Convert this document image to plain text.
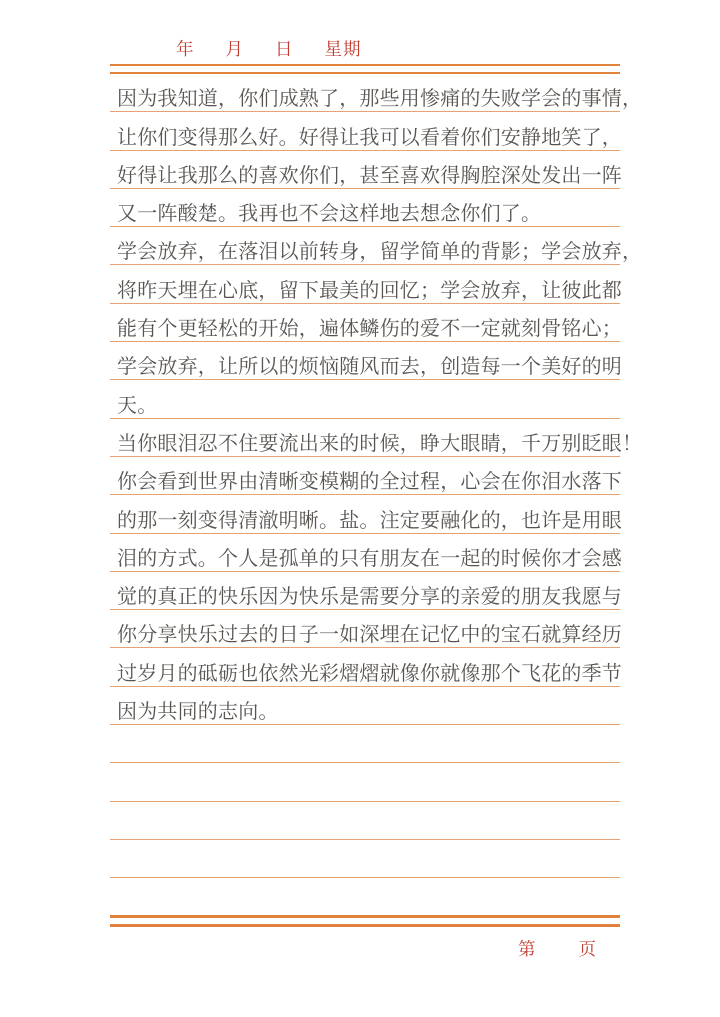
年 月 日 星期
因为我知道，你们成熟了，那些用惨痛的失败学会的事情，
让你们变得那么好。好得让我可以看着你们安静地笑了，
好得让我那么的喜欢你们，甚至喜欢得胸腔深处发出一阵
又一阵酸楚。我再也不会这样地去想念你们了。
学会放弃，在落泪以前转身，留学简单的背影；学会放弃，
将昨天埋在心底，留下最美的回忆；学会放弃，让彼此都
能有个更轻松的开始，遍体鳞伤的爱不一定就刻骨铭心；
学会放弃，让所以的烦恼随风而去，创造每一个美好的明
天。
当你眼泪忍不住要流出来的时候，睁大眼睛，千万别眨眼！
你会看到世界由清晰变模糊的全过程，心会在你泪水落下
的那一刻变得清澈明晰。盐。注定要融化的，也许是用眼
泪的方式。个人是孤单的只有朋友在一起的时候你才会感
觉的真正的快乐因为快乐是需要分享的亲爱的朋友我愿与
你分享快乐过去的日子一如深埋在记忆中的宝石就算经历
过岁月的砥砺也依然光彩熠熠就像你就像那个飞花的季节
因为共同的志向。
第 页
